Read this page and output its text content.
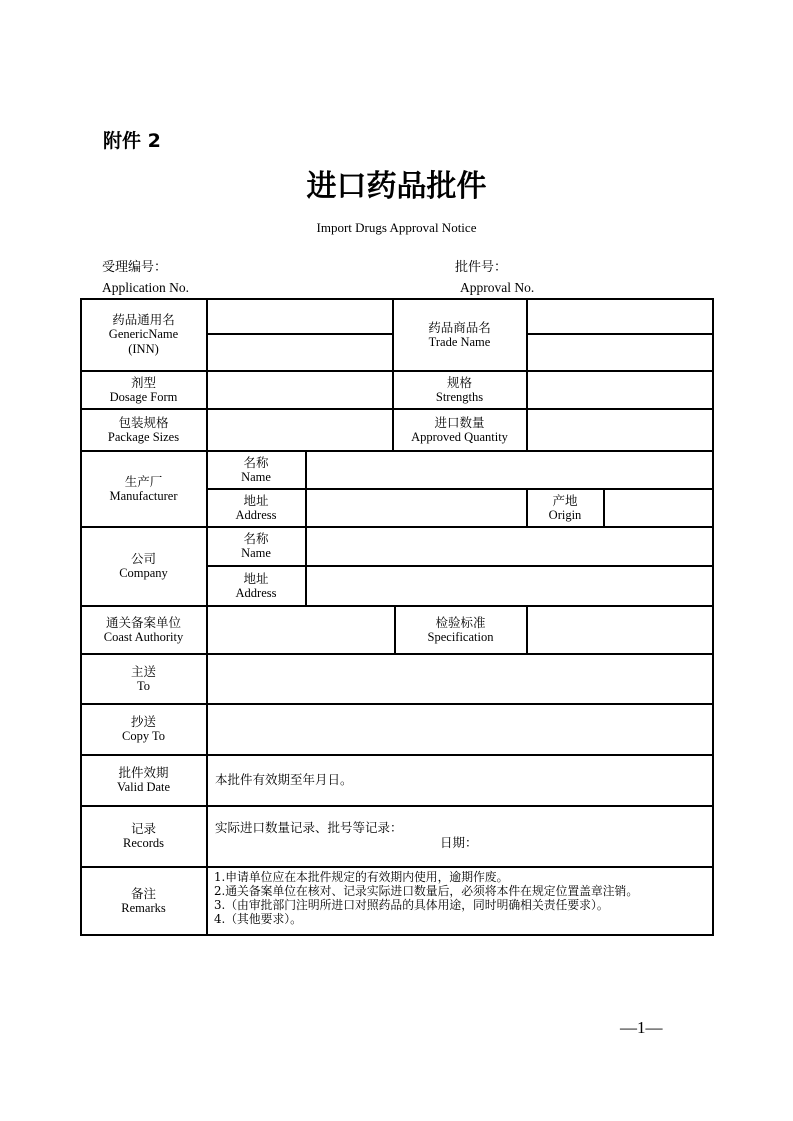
附件 2
进口药品批件
Import Drugs Approval Notice
受理编号：
Application No.
批件号：
Approval No.
药品通用名
GenericName
(INN)
药品商品名
Trade Name
剂型
Dosage Form
规格
Strengths
包装规格
Package Sizes
进口数量
Approved Quantity
生产厂
Manufacturer
名称
Name
地址
Address
产地
Origin
公司
Company
名称
Name
地址
Address
通关备案单位
Coast Authority
检验标准
Specification
主送
To
抄送
Copy To
批件效期
Valid Date	本批件有效期至年月日。
记录
Records
实际进口数量记录、批号等记录：
日期：
备注
Remarks
1.申请单位应在本批件规定的有效期内使用，逾期作废。
2.通关备案单位在核对、记录实际进口数量后，必须将本件在规定位置盖章注销。
3.（由审批部门注明所进口对照药品的具体用途，同时明确相关责任要求）。
4.（其他要求）。
—1—
